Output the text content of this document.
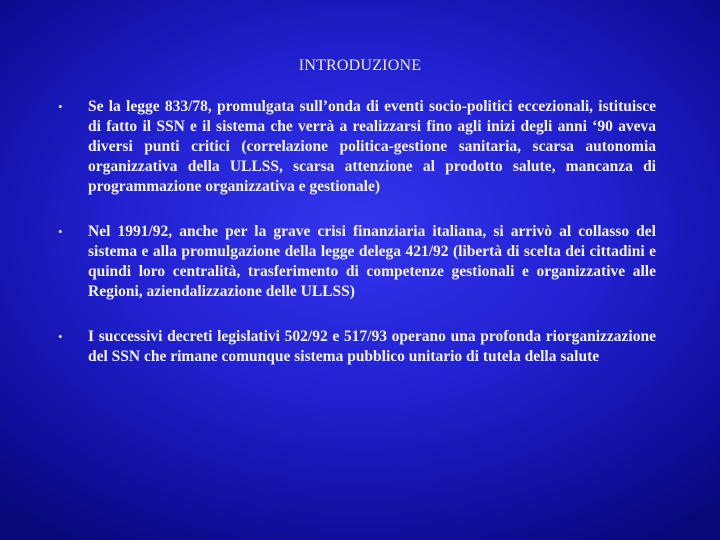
INTRODUZIONE
• Se la legge 833/78, promulgata sull’onda di eventi socio-politici eccezionali, istituisce di fatto il SSN e il sistema che verrà a realizzarsi fino agli inizi degli anni ‘90 aveva diversi punti critici (correlazione politica-gestione sanitaria, scarsa autonomia organizzativa della ULLSS, scarsa attenzione al prodotto salute, mancanza di programmazione organizzativa e gestionale)
• Nel 1991/92, anche per la grave crisi finanziaria italiana, si arrivò al collasso del sistema e alla promulgazione della legge delega 421/92 (libertà di scelta dei cittadini e quindi loro centralità, trasferimento di competenze gestionali e organizzative alle Regioni, aziendalizzazione delle ULLSS)
• I successivi decreti legislativi 502/92 e 517/93 operano una profonda riorganizzazione del SSN che rimane comunque sistema pubblico unitario di tutela della salute
